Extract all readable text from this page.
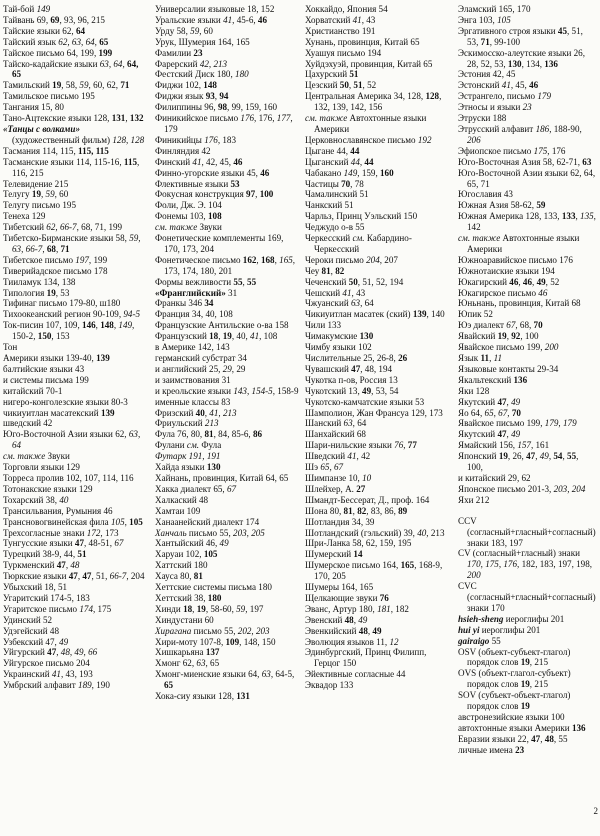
Тай-бой 149
Тайвань 69, 69, 93, 96, 215
Тайские языки 62, 64
Тайский язык 62, 63, 64, 65
Тайское письмо 64, 199, 199
Тайско-кадайские языки 63, 64, 64, 65
Тамильский 19, 58, 59, 60, 62, 71
Тамильское письмо 195
Тангания 15, 80
Тано-Ацтекские языки 128, 131, 132
«Танцы с волками» (художественный фильм) 128, 128
Тасмания 114, 115, 115, 115
Тасманские языки 114, 115-16, 115, 116, 215
Телевидение 215
Телугу 19, 59, 60
Телугу письмо 195
Тенеха 129
Тибетский 62, 66-7, 68, 71, 199
Тибетско-Бирманские языки 58, 59, 63, 66-7, 68, 71
Тибетское письмо 197, 199
Тиверийадское письмо 178
Тииламук 134, 138
Типология 19, 53
Тифинаг письмо 179-80, ш180
Тихоокеанский регион 90-109, 94-5
Ток-писин 107, 109, 146, 148, 149, 150-2, 150, 153
Тон
Америки языки 139-40, 139
балтийские языки 43
и системы письма 199
китайский 70-1
нигеро-конголезские языки 80-3
чикиуитлан масатекский 139
шведский 42
Юго-Восточной Азии языки 62, 63, 64
см. также Звуки
Торговли языки 129
Торреса пролив 102, 107, 114, 116
Тотонакские языки 129
Тохарский 38, 40
Трансильвания, Румыния 46
Трансновогвинейская фила 105, 105
Трехсогласные знаки 172, 173
Тунгусские языки 47, 48-51, 67
Турецкий 38-9, 44, 51
Туркменский 47, 48
Тюркские языки 47, 47, 51, 66-7, 204
Убыхский 18, 51
Угаритский 174-5, 183
Угаритское письмо 174, 175
Удинский 52
Удэгейский 48
Узбекский 47, 49
Уйгурский 47, 48, 49, 66
Уйгурское письмо 204
Украинский 41, 43, 193
Умбрский алфавит 189, 190
Универсалии языковые 18, 152
Уральские языки 41, 45-6, 46
Урду 58, 59, 60
Урук, Шумерия 164, 165
Фамилии 23
Фарерский 42, 213
Фестский Диск 180, 180
Фиджи 102, 148
Фиджи язык 93, 94
Филиппины 96, 98, 99, 159, 160
Финикийское письмо 176, 176, 177, 179
Финикийцы 176, 183
Финляндия 42
Финский 41, 42, 45, 46
Финно-угорские языки 45, 46
Флективные языки 53
Фокусная конструкция 97, 100
Фоли, Дж. Э. 104
Фонемы 103, 108
см. также Звуки
Фонетические комплементы 169, 170, 173, 204
Фонетическое письмо 162, 168, 165, 173, 174, 180, 201
Формы вежливости 55, 55
«Франглийский» 31
Франкы 346 34
Франция 34, 40, 108
Французские Антильские о-ва 158
Французский 18, 19, 40, 41, 108
в Америке 142, 143
германский субстрат 34
и английский 25, 29, 29
и заимствования 31
и креольские языки 143, 154-5, 158-9
именные классы 83
Фризский 40, 41, 213
Фриульский 213
Фула 76, 80, 81, 84, 85-6, 86
Фулани см. Фула
Футарк 191, 191
Хайда языки 130
Хайнань, провинция, Китай 64, 65
Хакка диалект 65, 67
Халкаский 48
Хамтаи 109
Ханаанейский диалект 174
Ханчаль письмо 55, 203, 205
Хантыйский 46, 49
Харуаи 102, 105
Хаттский 180
Хауса 80, 81
Хеттские системы письма 180
Хеттский 38, 180
Хинди 18, 19, 58-60, 59, 197
Хиндустани 60
Хирагана письмо 55, 202, 203
Хири-моту 107-8, 109, 148, 150
Хишкарьяна 137
Хмонг 62, 63, 65
Хмонг-миенские языки 64, 63, 64-5, 65
Хока-сиу языки 128, 131
Хоккайдо, Япония 54
Хорватский 41, 43
Христианство 191
Хунань, провинция, Китай 65
Хуашуя письмо 194
Хуйдэхуэй, провинция, Китай 65
Цахурский 51
Цезский 50, 51, 52
Центральная Америка 34, 128, 128, 132, 139, 142, 156
см. также Автохтонные языки Америки
Церковнославянское письмо 192
Цыгане 44, 44
Цыганский 44, 44
Чабакано 149, 159, 160
Частицы 70, 78
Чамалинский 51
Чанкский 51
Чарльз, Принц Уэльский 150
Чеджудо о-в 55
Черкесский см. Кабардино-Черкесский
Чероки письмо 204, 207
Чеу 81, 82
Чеченский 50, 51, 52, 194
Чешский 41, 43
Чжуанский 63, 64
Чикиуитлан масатек (ский) 139, 140
Чили 133
Чимакумские 130
Чимбу языки 102
Числительные 25, 26-8, 26
Чувашский 47, 48, 194
Чукотка п-ов, Россия 13
Чукотский 13, 49, 53, 54
Чукотско-камчатские языки 53
Шамполион, Жан Франсуа 129, 173
Шанский 63, 64
Шанхайский 68
Шари-нильские языки 76, 77
Шведский 41, 42
Шэ 65, 67
Шимпанзе 10, 10
Шлейхер, А. 27
Шмандт-Бессерат, Д., проф. 164
Шона 80, 81, 82, 83, 86, 89
Шотландия 34, 39
Шотландский (гэльский) 39, 40, 213
Шри-Ланка 58, 62, 159, 195
Шумерский 14
Шумерское письмо 164, 165, 168-9, 170, 205
Шумеры 164, 165
Щелкающие звуки 76
Эванс, Артур 180, 181, 182
Эвенский 48, 49
Эвенкийский 48, 49
Эволюция языков 11, 12
Эдинбургский, Принц Филипп, Герцог 150
Эйективные согласные 44
Эквадор 133
Эламский 165, 170
Энга 103, 105
Эргативного строя языки 45, 51, 53, 71, 99-100
Эскимосско-алеутские языки 26, 28, 52, 53, 130, 134, 136
Эстония 42, 45
Эстонский 41, 45, 46
Эстрангело, письмо 179
Этносы и языки 23
Этруски 188
Этрусский алфавит 186, 188-90, 206
Эфиопское письмо 175, 176
Юго-Восточная Азия 58, 62-71, 63
Юго-Восточной Азии языки 62, 64, 65, 71
Югославия 43
Южная Азия 58-62, 59
Южная Америка 128, 133, 133, 135, 142
см. также Автохтонные языки Америки
Южноаравийское письмо 176
Южнотаиские языки 194
Юкагирский 46, 46, 49, 52
Юкагирское письмо 46
Юньнань, провинция, Китай 68
Юпик 52
Юэ диалект 67, 68, 70
Явайский 19, 92, 100
Явайское письмо 199, 200
Язык 11, 11
Языковые контакты 29-34
Якальтекский 136
Яки 128
Якутский 47, 49
Яо 64, 65, 67, 70
Явайское письмо 199, 179, 179
Якутский 47, 49
Ямайский 156, 157, 161
Японский 19, 26, 47, 49, 54, 55, 100,
и китайский 29, 62
Японское письмо 201-3, 203, 204
Яхи 212
CCV (согласный+гласный+согласный) знаки 183, 197
CV (согласный+гласный) знаки 170, 175, 176, 182, 183, 197, 198, 200
CVC (согласный+гласный+согласный) знаки 170
hsieh-sheng иероглифы 201
hui yi иероглифы 201
gairaigo 55
OSV (объект-субъект-глагол) порядок слов 19, 215
OVS (объект-глагол-субъект) порядок слов 19, 215
SOV (субъект-объект-глагол) порядок слов 19
австронезийские языки 100
автохтонные языки Америки 136
Евразии языки 22, 47, 48, 55
личные имена 23
2
